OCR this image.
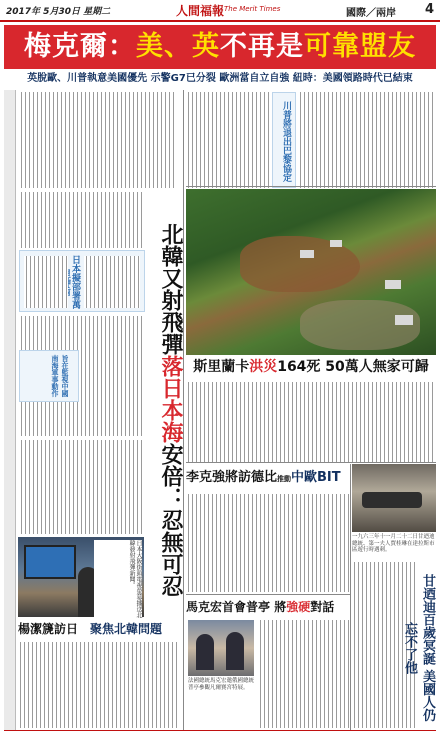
2017年 5月30日 星期二	人間福報 The Merit Times	國際／兩岸 4
梅克爾：美、英不再是可靠盟友
英脫歐、川普執意美國優先 示警G7已分裂 歐洲當自立自強 紐時：美國領路時代已結束
川普將退出巴黎協定
日本擬部署萬
旨在監視中國南海軍事動作
北韓又射飛彈落日本海安倍：忍無可忍
日本大阪街頭電視螢幕播送北韓發射飛彈新聞。
楊潔篪訪日　 聚焦北韓問題
斯里蘭卡洪災164死 50萬人無家可歸
李克強將訪德比推動中歐BIT
一九六三年十一月二十二日甘迺迪總統、第一夫人賈桂琳在達拉斯市區遊行時遇刺。
甘迺迪百歲冥誕 美國人仍忘不了他
馬克宏首會普亭 將強硬對話
法國總統馬克宏邀俄國總統普亭參觀凡爾賽宮特展。
